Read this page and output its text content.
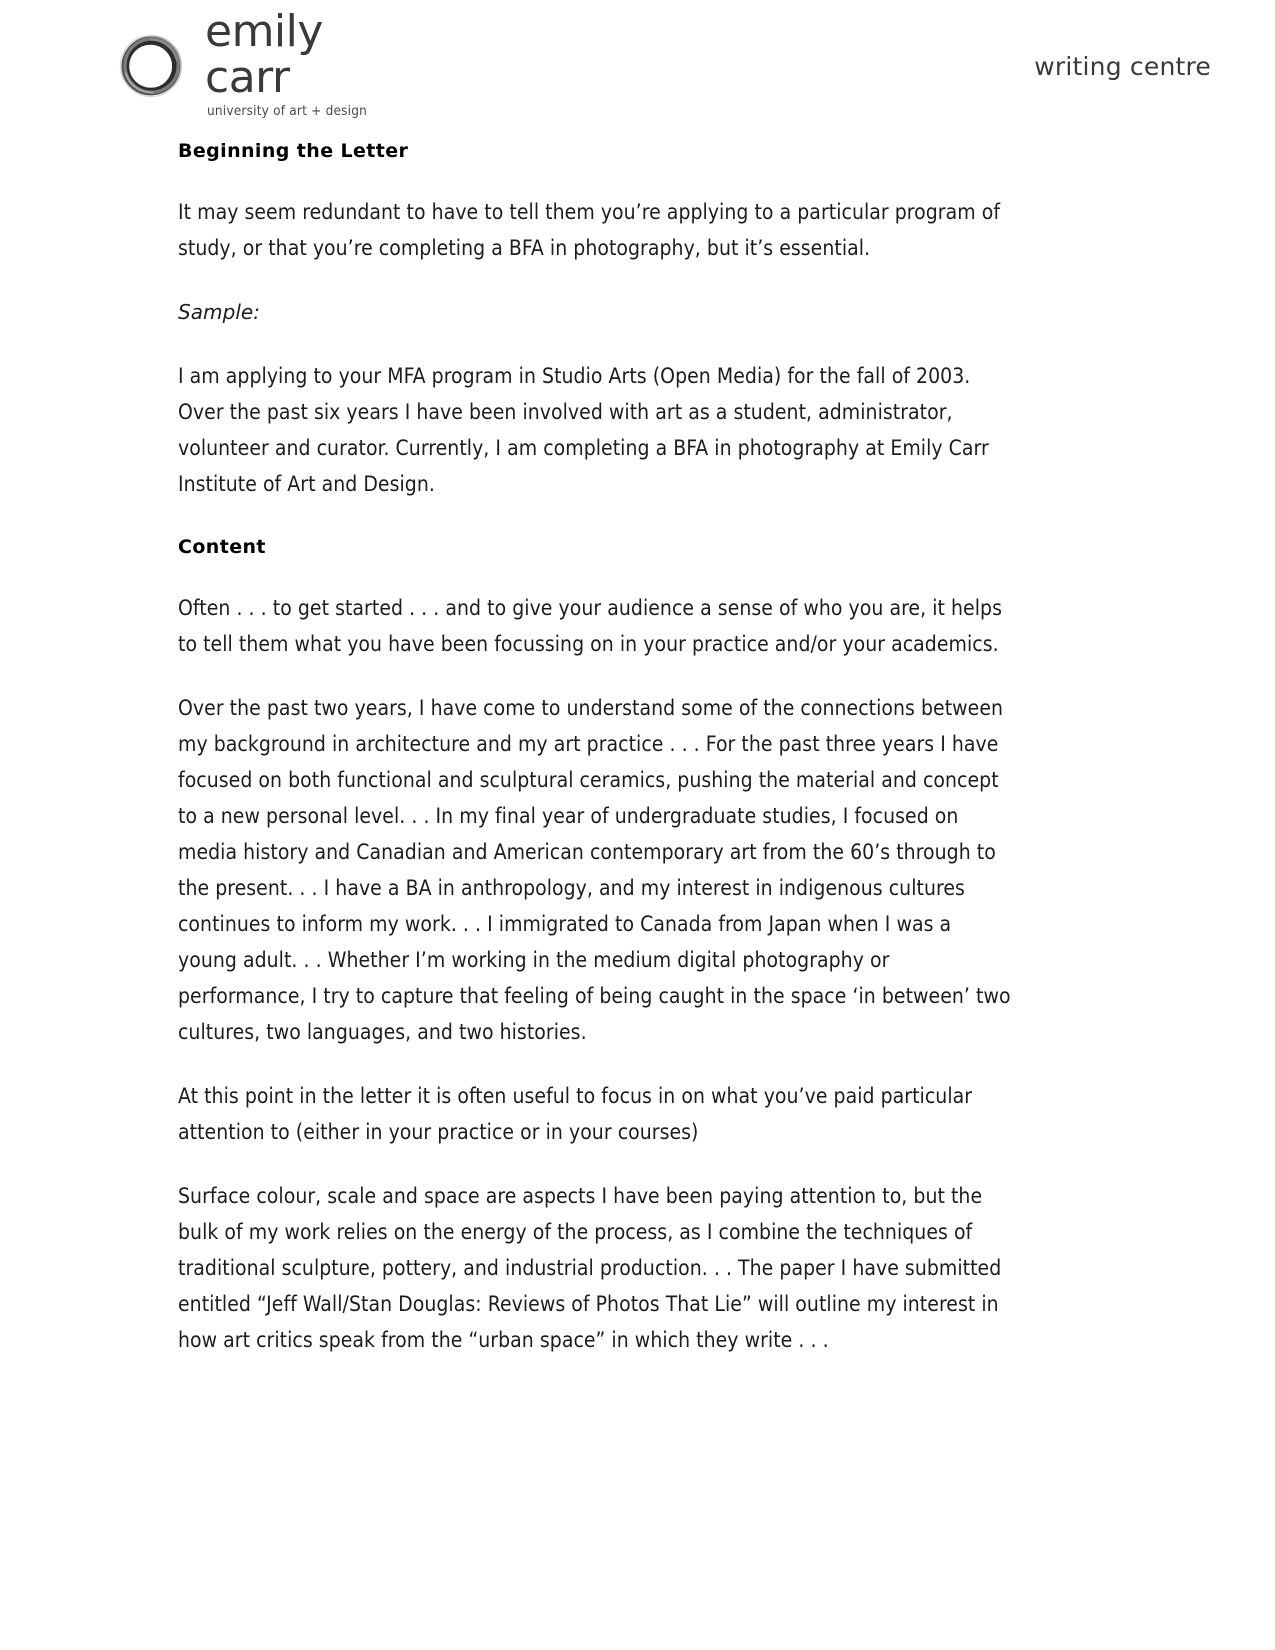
emily carr
university of art + design
writing centre
Beginning the Letter

It may seem redundant to have to tell them you’re applying to a particular program of study, or that you’re completing a BFA in photography, but it’s essential.

Sample:

I am applying to your MFA program in Studio Arts (Open Media) for the fall of 2003. Over the past six years I have been involved with art as a student, administrator, volunteer and curator. Currently, I am completing a BFA in photography at Emily Carr Institute of Art and Design.

Content

Often . . . to get started . . . and to give your audience a sense of who you are, it helps to tell them what you have been focussing on in your practice and/or your academics.

Over the past two years, I have come to understand some of the connections between my background in architecture and my art practice . . . For the past three years I have focused on both functional and sculptural ceramics, pushing the material and concept to a new personal level. . . In my final year of undergraduate studies, I focused on media history and Canadian and American contemporary art from the 60’s through to the present. . . I have a BA in anthropology, and my interest in indigenous cultures continues to inform my work. . . I immigrated to Canada from Japan when I was a young adult. . . Whether I’m working in the medium digital photography or performance, I try to capture that feeling of being caught in the space ‘in between’ two cultures, two languages, and two histories.

At this point in the letter it is often useful to focus in on what you’ve paid particular attention to (either in your practice or in your courses)

Surface colour, scale and space are aspects I have been paying attention to, but the bulk of my work relies on the energy of the process, as I combine the techniques of traditional sculpture, pottery, and industrial production. . . The paper I have submitted entitled “Jeff Wall/Stan Douglas: Reviews of Photos That Lie” will outline my interest in how art critics speak from the “urban space” in which they write . . .
